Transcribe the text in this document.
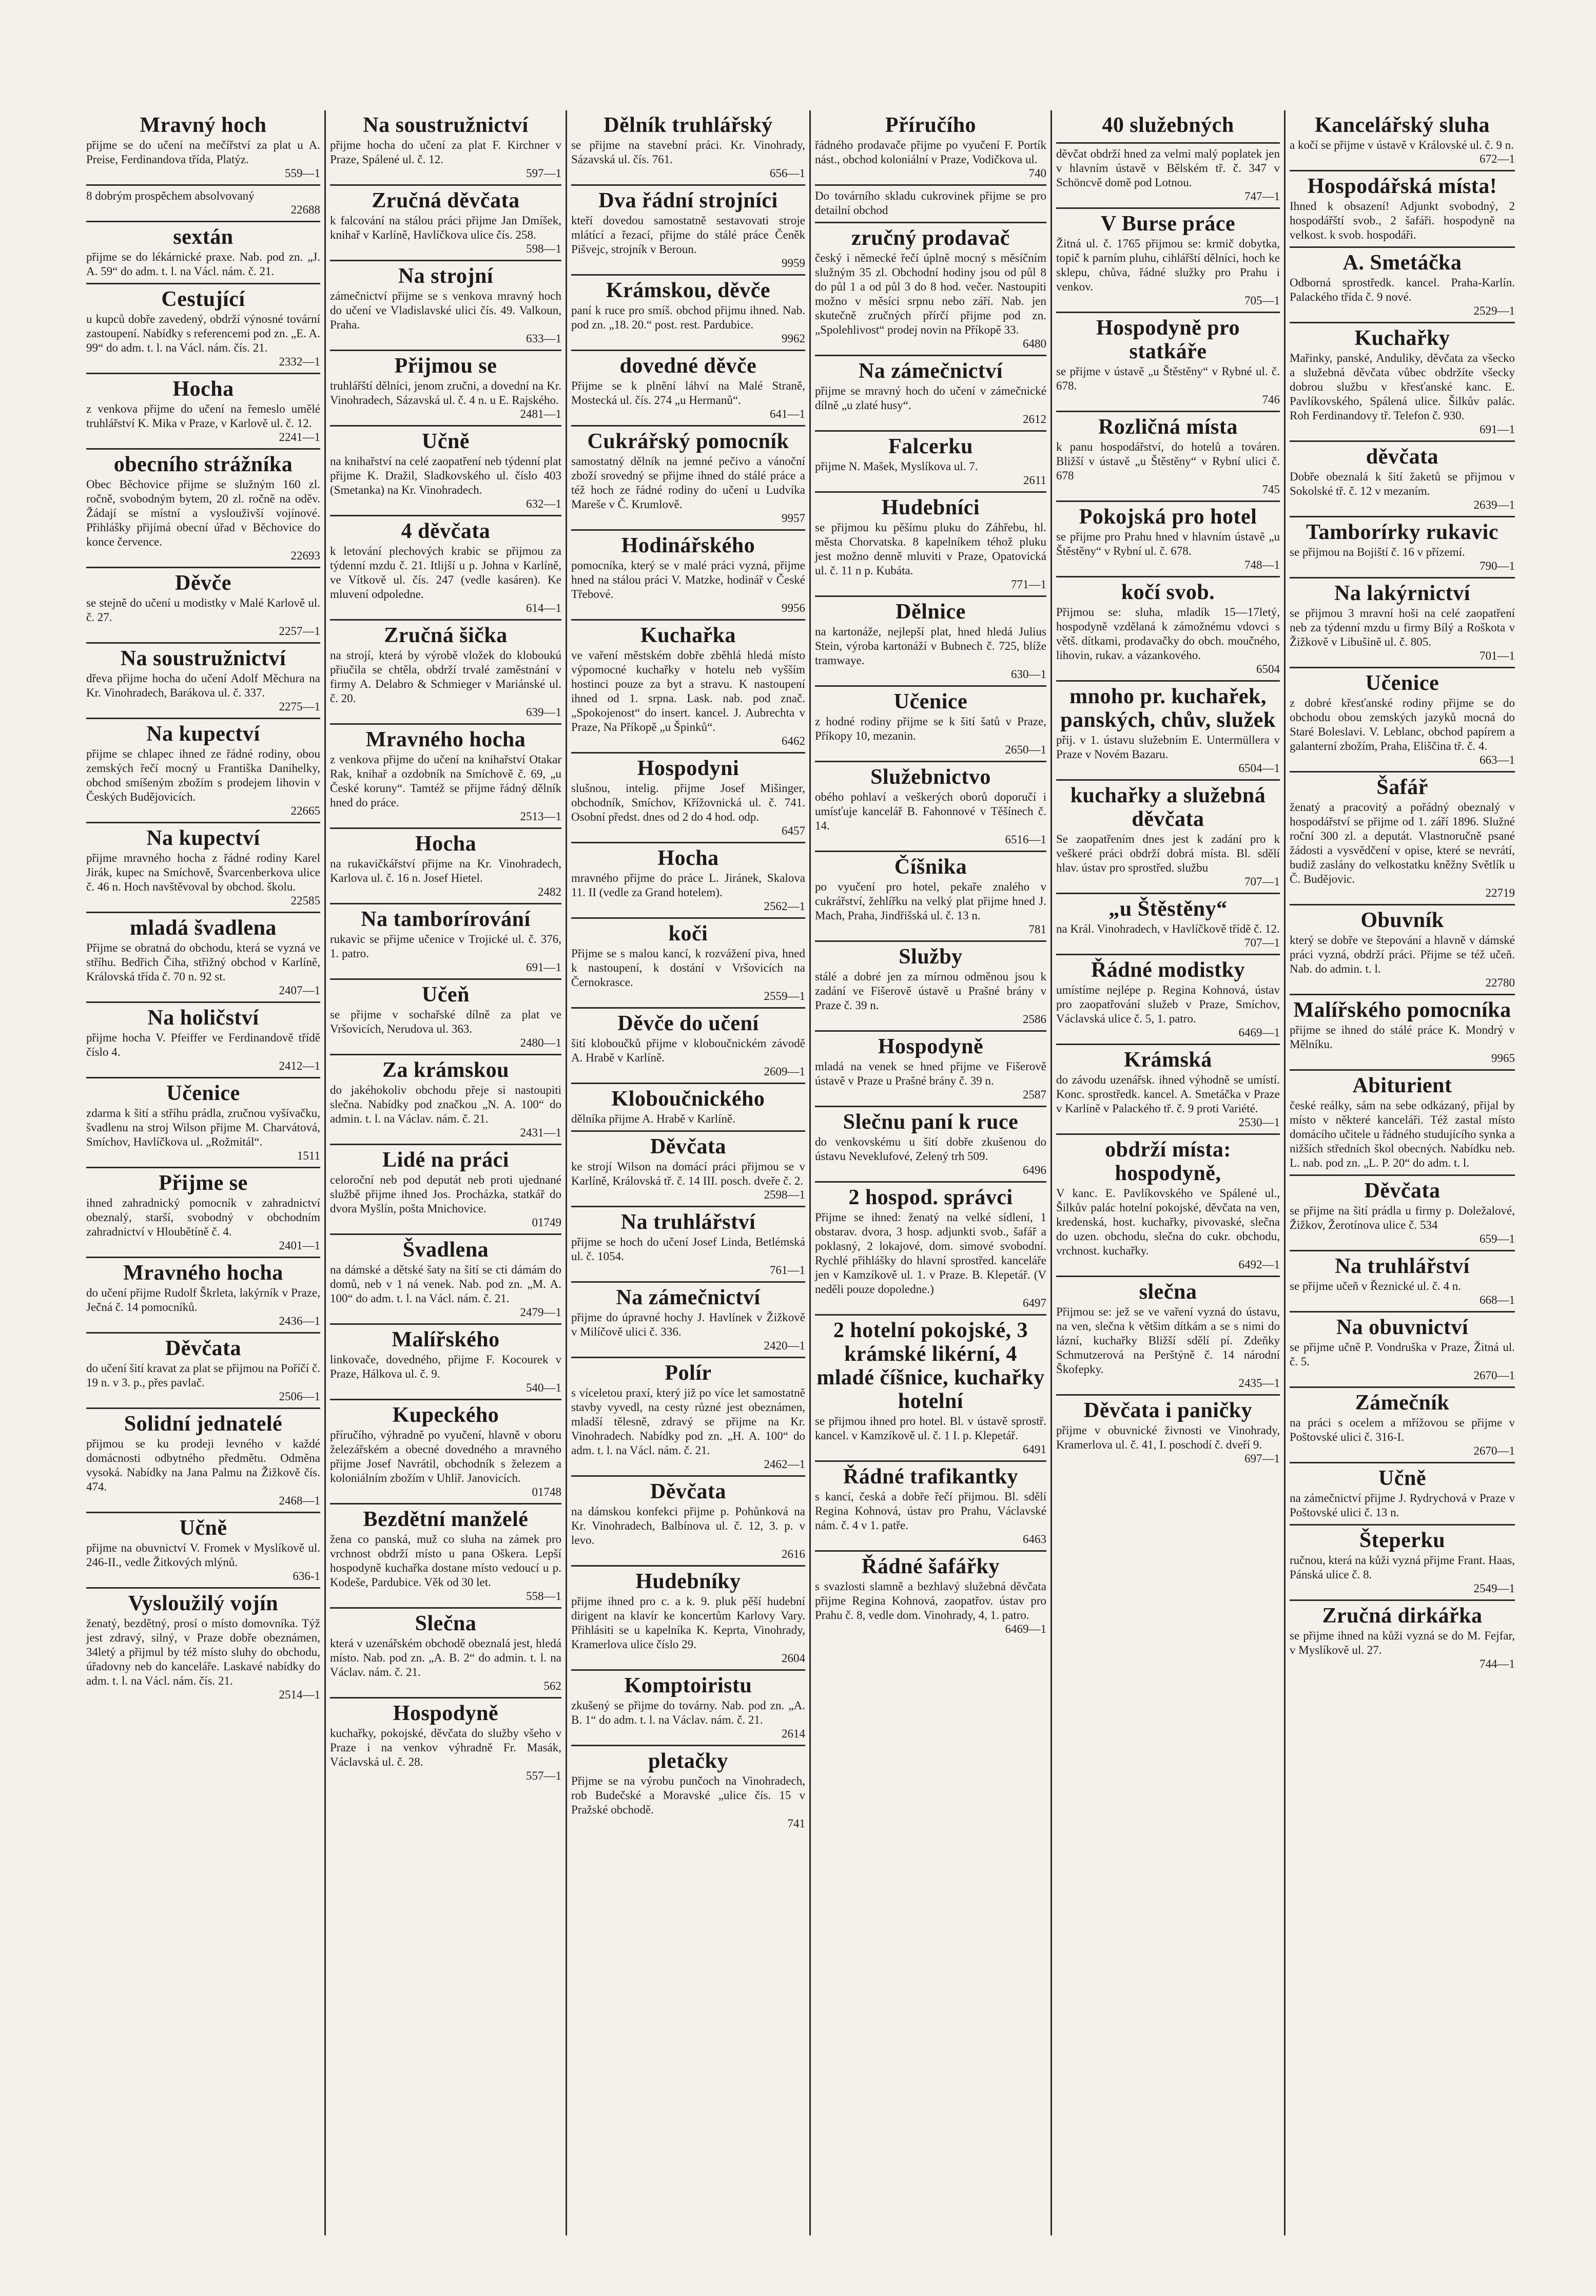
Mravný hoch
přijme se do učení na mečířství za plat u A. Preise, Ferdinandova třída, Platýz.
559—1
8 dobrým prospěchem absolvovaný
22688
sextán
přijme se do lékárnické praxe. Nab. pod zn. „J. A. 59“ do adm. t. l. na Václ. nám. č. 21.
Cestující
u kupců dobře zavedený, obdrží výnosné tovární zastoupení. Nabídky s referencemi pod zn. „E. A. 99“ do adm. t. l. na Václ. nám. čís. 21.
2332—1
Hocha
z venkova přijme do učení na řemeslo umělé truhlářství K. Mika v Praze, v Karlově ul. č. 12.
2241—1
obecního strážníka
Obec Běchovice přijme se služným 160 zl. ročně, svobodným bytem, 20 zl. ročně na oděv. Žádají se místní a vyslouživší vojínové. Přihlášky přijímá obecní úřad v Běchovice do konce července.
22693
Děvče
se stejně do učení u modistky v Malé Karlově ul. č. 27.
2257—1
Na soustružnictví
dřeva přijme hocha do učení Adolf Měchura na Kr. Vinohradech, Barákova ul. č. 337.
2275—1
Na kupectví
přijme se chlapec ihned ze řádné rodiny, obou zemských řečí mocný u Františka Danihelky, obchod smíšeným zbožím s prodejem lihovin v Českých Budějovicích.
22665
Na kupectví
přijme mravného hocha z řádné rodiny Karel Jirák, kupec na Smíchově, Švarcenberkova ulice č. 46 n. Hoch navštěvoval by obchod. školu.
22585
mladá švadlena
Přijme se obratná do obchodu, která se vyzná ve stříhu. Bedřich Čiha, střižný obchod v Karlíně, Královská třída č. 70 n. 92 st.
2407—1
Na holičství
přijme hocha V. Pfeiffer ve Ferdinandově třídě číslo 4.
2412—1
Učenice
zdarma k šití a stříhu prádla, zručnou vyšívačku, švadlenu na stroj Wilson přijme M. Charvátová, Smíchov, Havlíčkova ul. „Rožmitál“.
1511
Přijme se
ihned zahradnický pomocník v zahradnictví obeznalý, starší, svobodný v obchodním zahradnictví v Hloubětíně č. 4.
2401—1
Mravného hocha
do učení přijme Rudolf Škrleta, lakýrník v Praze, Ječná č. 14 pomocníků.
2436—1
Děvčata
do učení šití kravat za plat se přijmou na Poříčí č. 19 n. v 3. p., přes pavlač.
2506—1
Solidní jednatelé
přijmou se ku prodeji levného v každé domácnosti odbytného předmětu. Odměna vysoká. Nabídky na Jana Palmu na Žižkově čís. 474.
2468—1
Učně
přijme na obuvnictví V. Fromek v Myslíkově ul. 246-II., vedle Žitkových mlýnů.
636-1
Vysloužilý vojín
ženatý, bezdětný, prosí o místo domovníka. Týž jest zdravý, silný, v Praze dobře obeznámen, 34letý a přijmul by též místo sluhy do obchodu, úřadovny neb do kanceláře. Laskavé nabídky do adm. t. l. na Václ. nám. čís. 21.
2514—1
Na soustružnictví
přijme hocha do učení za plat F. Kirchner v Praze, Spálené ul. č. 12.
597—1
Zručná děvčata
k falcování na stálou práci přijme Jan Dmíšek, knihař v Karlíně, Havlíčkova ulice čís. 258.
598—1
Na strojní
zámečnictví přijme se s venkova mravný hoch do učení ve Vladislavské ulici čís. 49. Valkoun, Praha.
633—1
Přijmou se
truhlářští dělníci, jenom zručni, a dovední na Kr. Vinohradech, Sázavská ul. č. 4 n. u E. Rajského.
2481—1
Učně
na knihařství na celé zaopatření neb týdenní plat přijme K. Dražil, Sladkovského ul. číslo 403 (Smetanka) na Kr. Vinohradech.
632—1
4 děvčata
k letování plechových krabic se přijmou za týdenní mzdu č. 21. Itlijší u p. Johna v Karlíně, ve Vítkově ul. čís. 247 (vedle kasáren). Ke mluvení odpoledne.
614—1
Zručná šička
na strojí, která by výrobě vložek do kloboukú přiučila se chtěla, obdrží trvalé zaměstnání v firmy A. Delabro & Schmieger v Mariánské ul. č. 20.
639—1
Mravného hocha
z venkova přijme do učení na knihařství Otakar Rak, knihař a ozdobník na Smíchově č. 69, „u České koruny“. Tamtéž se přijme řádný dělník hned do práce.
2513—1
Hocha
na rukavičkářství přijme na Kr. Vinohradech, Karlova ul. č. 16 n. Josef Hietel.
2482
Na tamborírování
rukavic se přijme učenice v Trojické ul. č. 376, 1. patro.
691—1
Učeň
se přijme v sochařské dílně za plat ve Vršovicích, Nerudova ul. 363.
2480—1
Za krámskou
do jakéhokoliv obchodu přeje si nastoupiti slečna. Nabídky pod značkou „N. A. 100“ do admin. t. l. na Václav. nám. č. 21.
2431—1
Lidé na práci
celoroční neb pod deputát neb proti ujednané službě přijme ihned Jos. Procházka, statkář do dvora Myšlín, pošta Mnichovice.
01749
Švadlena
na dámské a dětské šaty na šití se cti dámám do domů, neb v 1 ná venek. Nab. pod zn. „M. A. 100“ do adm. t. l. na Václ. nám. č. 21.
2479—1
Malířského
linkovače, dovedného, přijme F. Kocourek v Praze, Hálkova ul. č. 9.
540—1
Kupeckého
příručího, výhradně po vyučení, hlavně v oboru železářském a obecné dovedného a mravného přijme Josef Navrátil, obchodník s železem a koloniálním zbožím v Uhliř. Janovicích.
01748
Bezdětní manželé
žena co panská, muž co sluha na zámek pro vrchnost obdrží místo u pana Oškera. Lepší hospodyně kuchařka dostane místo vedoucí u p. Kodeše, Pardubice. Věk od 30 let.
558—1
Slečna
která v uzenářském obchodě obeznalá jest, hledá místo. Nab. pod zn. „A. B. 2“ do admin. t. l. na Václav. nám. č. 21.
562
Hospodyně
kuchařky, pokojské, děvčata do služby všeho v Praze i na venkov výhradně Fr. Masák, Václavská ul. č. 28.
557—1
Dělník truhlářský
se přijme na stavební práci. Kr. Vinohrady, Sázavská ul. čís. 761.
656—1
Dva řádní strojníci
kteří dovedou samostatně sestavovati stroje mlátící a řezací, přijme do stálé práce Čeněk Pišvejc, strojník v Beroun.
9959
Krámskou, děvče
paní k ruce pro smíš. obchod přijmu ihned. Nab. pod zn. „18. 20.“ post. rest. Pardubice.
9962
dovedné děvče
Přijme se k plnění láhví na Malé Straně, Mostecká ul. čís. 274 „u Hermanů“.
641—1
Cukrářský pomocník
samostatný dělník na jemné pečivo a vánoční zboží srovedný se přijme ihned do stálé práce a též hoch ze řádné rodiny do učení u Ludvíka Mareše v Č. Krumlově.
9957
Hodinářského
pomocníka, který se v malé práci vyzná, přijme hned na stálou práci V. Matzke, hodinář v České Třebové.
9956
Kuchařka
ve vaření městském dobře zběhlá hledá místo výpomocné kuchařky v hotelu neb vyšším hostinci pouze za byt a stravu. K nastoupení ihned od 1. srpna. Lask. nab. pod znač. „Spokojenost“ do insert. kancel. J. Aubrechta v Praze, Na Příkopě „u Špinků“.
6462
Hospodyni
slušnou, intelig. přijme Josef Mišinger, obchodník, Smíchov, Křížovnická ul. č. 741. Osobní předst. dnes od 2 do 4 hod. odp.
6457
Hocha
mravného přijme do práce L. Jiránek, Skalova 11. II (vedle za Grand hotelem).
2562—1
koči
Přijme se s malou kancí, k rozvážení piva, hned k nastoupení, k dostání v Vršovicích na Černokrasce.
2559—1
Děvče do učení
šití kloboučků přijme v kloboučnickém závodě A. Hrabě v Karlíně.
2609—1
Kloboučnického
dělníka přijme A. Hrabě v Karlíně.
Děvčata
ke strojí Wilson na domácí práci přijmou se v Karlíně, Královská tř. č. 14 III. posch. dveře č. 2.
2598—1
Na truhlářství
přijme se hoch do učení Josef Linda, Betlémská ul. č. 1054.
761—1
Na zámečnictví
přijme do úpravné hochy J. Havlínek v Žižkově v Milíčově ulici č. 336.
2420—1
Polír
s víceletou praxí, který již po více let samostatně stavby vyvedl, na cesty různé jest obeznámen, mladší tělesně, zdravý se přijme na Kr. Vinohradech. Nabídky pod zn. „H. A. 100“ do adm. t. l. na Václ. nám. č. 21.
2462—1
Děvčata
na dámskou konfekci přijme p. Pohůnková na Kr. Vinohradech, Balbínova ul. č. 12, 3. p. v levo.
2616
Hudebníky
přijme ihned pro c. a k. 9. pluk pěší hudební dirigent na klavír ke koncertům Karlovy Vary. Přihlásiti se u kapelníka K. Keprta, Vinohrady, Kramerlova ulice číslo 29.
2604
Komptoiristu
zkušený se přijme do továrny. Nab. pod zn. „A. B. 1“ do adm. t. l. na Václav. nám. č. 21.
2614
pletačky
Přijme se na výrobu punčoch na Vinohradech, rob Budečské a Moravské „ulice čís. 15 v Pražské obchodě.
741
Příručího
řádného prodavače přijme po vyučení F. Portík nást., obchod koloniální v Praze, Vodičkova ul.
740
Do továrního skladu cukrovinek přijme se pro detailní obchod
zručný prodavač
český i německé řečí úplně mocný s měsíčním služným 35 zl. Obchodní hodiny jsou od půl 8 do půl 1 a od půl 3 do 8 hod. večer. Nastoupiti možno v měsíci srpnu nebo září. Nab. jen skutečně zručných přírčí přijme pod zn. „Spolehlivost“ prodej novin na Příkopě 33.
6480
Na zámečnictví
přijme se mravný hoch do učení v zámečnické dílně „u zlaté husy“.
2612
Falcerku
přijme N. Mašek, Myslíkova ul. 7.
2611
Hudebníci
se přijmou ku pěšímu pluku do Záhřebu, hl. města Chorvatska. 8 kapelníkem téhož pluku jest možno denně mluviti v Praze, Opatovická ul. č. 11 n p. Kubáta.
771—1
Dělnice
na kartonáže, nejlepší plat, hned hledá Julius Stein, výroba kartonáží v Bubnech č. 725, blíže tramwaye.
630—1
Učenice
z hodné rodiny přijme se k šití šatů v Praze, Příkopy 10, mezanin.
2650—1
Služebnictvo
obého pohlaví a veškerých oborů doporučí i umísťuje kancelář B. Fahonnové v Těšínech č. 14.
6516—1
Číšnika
po vyučení pro hotel, pekaře znalého v cukrářství, žehlířku na velký plat přijme hned J. Mach, Praha, Jindřišská ul. č. 13 n.
781
Služby
stálé a dobré jen za mírnou odměnou jsou k zadání ve Fišerově ústavě u Prašné brány v Praze č. 39 n.
2586
Hospodyně
mladá na venek se hned přijme ve Fišerově ústavě v Praze u Prašné brány č. 39 n.
2587
Slečnu paní k ruce
do venkovskému u šití dobře zkušenou do ústavu Neveklufové, Zelený trh 509.
6496
2 hospod. správci
Přijme se ihned: ženatý na velké sídlení, 1 obstarav. dvora, 3 hosp. adjunkti svob., šafář a poklasný, 2 lokajové, dom. simové svobodní. Rychlé přihlášky do hlavní sprostřed. kanceláře jen v Kamzíkově ul. 1. v Praze. B. Klepetář. (V neděli pouze dopoledne.)
6497
2 hotelní pokojské, 3 krámské likérní, 4 mladé číšnice, kuchařky hotelní
se přijmou ihned pro hotel. Bl. v ústavě sprostř. kancel. v Kamzíkově ul. č. 1 I. p. Klepetář.
6491
Řádné trafikantky
s kancí, česká a dobře řečí přijmou. Bl. sdělí Regina Kohnová, ústav pro Prahu, Václavské nám. č. 4 v 1. patře.
6463
Řádné šafářky
s svazlosti slamně a bezhlavý služebná děvčata přijme Regina Kohnová, zaopatřov. ústav pro Prahu č. 8, vedle dom. Vinohrady, 4, 1. patro.
6469—1
40 služebných
děvčat obdrží hned za velmi malý poplatek jen v hlavním ústavě v Bělském tř. č. 347 v Schöncvě domě pod Lotnou.
747—1
V Burse práce
Žitná ul. č. 1765 přijmou se: krmič dobytka, topič k parním pluhu, cihlářští dělníci, hoch ke sklepu, chůva, řádné služky pro Prahu i venkov.
705—1
Hospodyně pro statkáře
se přijme v ústavě „u Štěstěny“ v Rybné ul. č. 678.
746
Rozličná místa
k panu hospodářství, do hotelů a továren. Bližší v ústavě „u Štěstěny“ v Rybní ulici č. 678
745
Pokojská pro hotel
se přijme pro Prahu hned v hlavním ústavě „u Štěstěny“ v Rybní ul. č. 678.
748—1
kočí svob.
Přijmou se: sluha, mladík 15—17letý, hospodyně vzdělaná k zámožnému vdovci s větš. dítkami, prodavačky do obch. moučného, lihovin, rukav. a vázankového.
6504
mnoho pr. kuchařek, panských, chův, služek
přij. v 1. ústavu služebním E. Untermüllera v Praze v Novém Bazaru.
6504—1
kuchařky a služebná děvčata
Se zaopatřením dnes jest k zadání pro k veškeré práci obdrží dobrá místa. Bl. sdělí hlav. ústav pro sprostřed. službu
707—1
„u Štěstěny“
na Král. Vinohradech, v Havlíčkově třídě č. 12.
707—1
Řádné modistky
umístíme nejlépe p. Regina Kohnová, ústav pro zaopatřování služeb v Praze, Smíchov, Václavská ulice č. 5, 1. patro.
6469—1
Krámská
do závodu uzenářsk. ihned výhodně se umístí. Konc. sprostředk. kancel. A. Smetáčka v Praze v Karlíně v Palackého tř. č. 9 proti Variété.
2530—1
obdrží místa: hospodyně,
V kanc. E. Pavlíkovského ve Spálené ul., Šilkův palác hotelní pokojské, děvčata na ven, kredenská, host. kuchařky, pivovaské, slečna do uzen. obchodu, slečna do cukr. obchodu, vrchnost. kuchařky.
6492—1
slečna
Přijmou se: jež se ve vaření vyzná do ústavu, na ven, slečna k většim dítkám a se s nimi do lázní, kuchařky Bližší sdělí pí. Zdeňky Schmutzerová na Perštýně č. 14 národní Škofepky.
2435—1
Děvčata i paničky
přijme v obuvnické živnosti ve Vinohrady, Kramerlova ul. č. 41, I. poschodí č. dveří 9.
697—1
Kancelářský sluha
a kočí se přijme v ústavě v Královské ul. č. 9 n.
672—1
Hospodářská místa!
Ihned k obsazení! Adjunkt svobodný, 2 hospodářští svob., 2 šafáři. hospodyně na velkost. k svob. hospodáři.
A. Smetáčka
Odborná sprostředk. kancel. Praha-Karlín. Palackého třída č. 9 nové.
2529—1
Kuchařky
Mařinky, panské, Anduliky, děvčata za všecko a služebná děvčata vůbec obdržíte všecky dobrou službu v křesťanské kanc. E. Pavlíkovského, Spálená ulice. Šilkův palác. Roh Ferdinandovy tř. Telefon č. 930.
691—1
děvčata
Dobře obeznalá k šití žaketů se přijmou v Sokolské tř. č. 12 v mezaním.
2639—1
Tamborírky rukavic
se přijmou na Bojiští č. 16 v přízemí.
790—1
Na lakýrnictví
se přijmou 3 mravní hoši na celé zaopatření neb za týdenní mzdu u firmy Bílý a Roškota v Žižkově v Libušině ul. č. 805.
701—1
Učenice
z dobré křesťanské rodiny přijme se do obchodu obou zemských jazyků mocná do Staré Boleslavi. V. Leblanc, obchod papírem a galanterní zbožím, Praha, Eliščina tř. č. 4.
663—1
Šafář
ženatý a pracovitý a pořádný obeznalý v hospodářství se přijme od 1. září 1896. Služné roční 300 zl. a deputát. Vlastnoručně psané žádosti a vysvědčení v opise, které se nevrátí, budiž zaslány do velkostatku kněžny Světlík u Č. Budějovic.
22719
Obuvník
který se dobře ve štepování a hlavně v dámské práci vyzná, obdrží práci. Přijme se též učeň. Nab. do admin. t. l.
22780
Malířského pomocníka
přijme se ihned do stálé práce K. Mondrý v Mělníku.
9965
Abiturient
české reálky, sám na sebe odkázaný, přijal by místo v některé kanceláři. Též zastal místo domácího učitele u řádného studujícího synka a nižších středních škol obecných. Nabídku neb. L. nab. pod zn. „L. P. 20“ do adm. t. l.
Děvčata
se přijme na šití prádla u firmy p. Doležalové, Žižkov, Žerotínova ulice č. 534
659—1
Na truhlářství
se přijme učeň v Řeznické ul. č. 4 n.
668—1
Na obuvnictví
se přijme učně P. Vondruška v Praze, Žitná ul. č. 5.
2670—1
Zámečník
na práci s ocelem a mřížovou se přijme v Poštovské ulici č. 316-I.
2670—1
Učně
na zámečnictví přijme J. Rydrychová v Praze v Poštovské ulici č. 13 n.
Šteperku
ručnou, která na kůži vyzná přijme Frant. Haas, Pánská ulice č. 8.
2549—1
Zručná dirkářka
se přijme ihned na kůži vyzná se do M. Fejfar, v Myslíkově ul. 27.
744—1
